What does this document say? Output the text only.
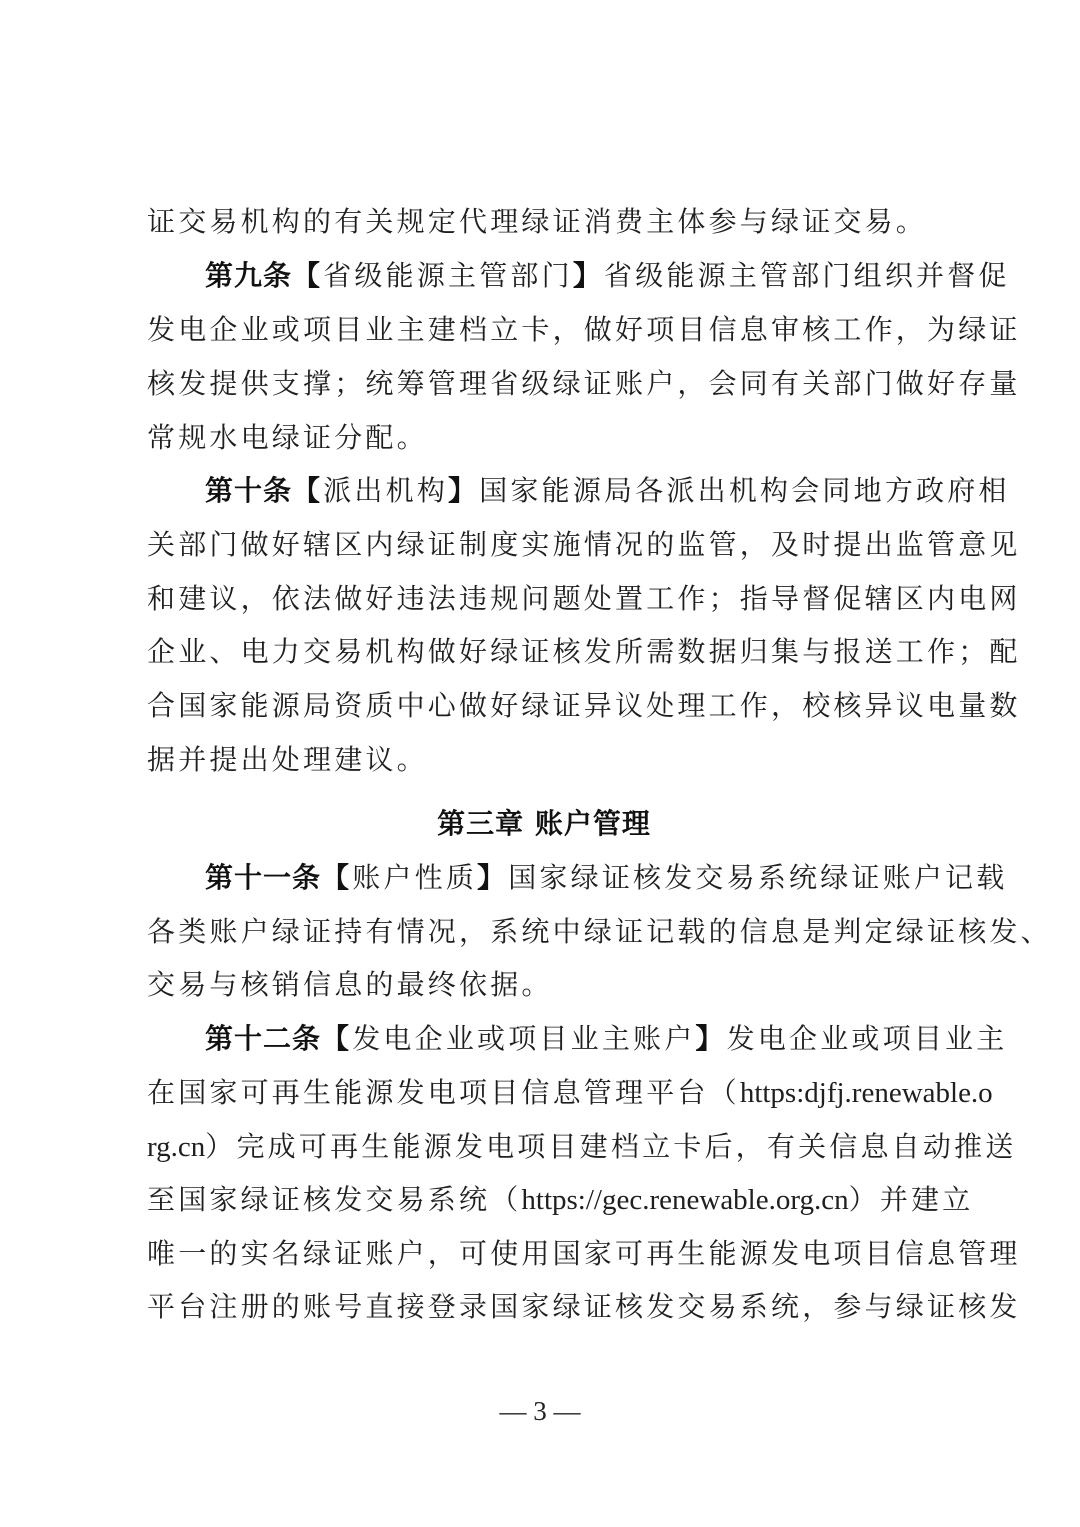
证交易机构的有关规定代理绿证消费主体参与绿证交易。
第九条【省级能源主管部门】省级能源主管部门组织并督促
发电企业或项目业主建档立卡，做好项目信息审核工作，为绿证
核发提供支撑；统筹管理省级绿证账户，会同有关部门做好存量
常规水电绿证分配。
第十条【派出机构】国家能源局各派出机构会同地方政府相
关部门做好辖区内绿证制度实施情况的监管，及时提出监管意见
和建议，依法做好违法违规问题处置工作；指导督促辖区内电网
企业、电力交易机构做好绿证核发所需数据归集与报送工作；配
合国家能源局资质中心做好绿证异议处理工作，校核异议电量数
据并提出处理建议。
第三章 账户管理
第十一条【账户性质】国家绿证核发交易系统绿证账户记载
各类账户绿证持有情况，系统中绿证记载的信息是判定绿证核发、
交易与核销信息的最终依据。
第十二条【发电企业或项目业主账户】发电企业或项目业主
在国家可再生能源发电项目信息管理平台（https:djfj.renewable.o
rg.cn）完成可再生能源发电项目建档立卡后，有关信息自动推送
至国家绿证核发交易系统（https://gec.renewable.org.cn）并建立
唯一的实名绿证账户，可使用国家可再生能源发电项目信息管理
平台注册的账号直接登录国家绿证核发交易系统，参与绿证核发
— 3 —
